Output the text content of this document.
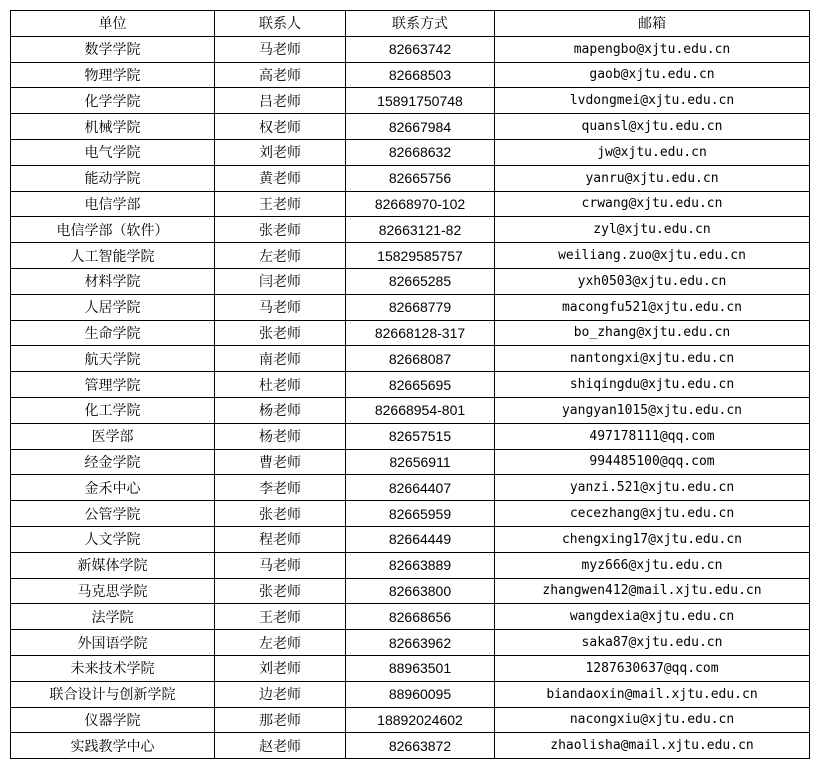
单位	联系人	联系方式	邮箱
数学学院	马老师	82663742	mapengbo@xjtu.edu.cn
物理学院	高老师	82668503	gaob@xjtu.edu.cn
化学学院	吕老师	15891750748	lvdongmei@xjtu.edu.cn
机械学院	权老师	82667984	quansl@xjtu.edu.cn
电气学院	刘老师	82668632	jw@xjtu.edu.cn
能动学院	黄老师	82665756	yanru@xjtu.edu.cn
电信学部	王老师	82668970-102	crwang@xjtu.edu.cn
电信学部（软件）	张老师	82663121-82	zyl@xjtu.edu.cn
人工智能学院	左老师	15829585757	weiliang.zuo@xjtu.edu.cn
材料学院	闫老师	82665285	yxh0503@xjtu.edu.cn
人居学院	马老师	82668779	macongfu521@xjtu.edu.cn
生命学院	张老师	82668128-317	bo_zhang@xjtu.edu.cn
航天学院	南老师	82668087	nantongxi@xjtu.edu.cn
管理学院	杜老师	82665695	shiqingdu@xjtu.edu.cn
化工学院	杨老师	82668954-801	yangyan1015@xjtu.edu.cn
医学部	杨老师	82657515	497178111@qq.com
经金学院	曹老师	82656911	994485100@qq.com
金禾中心	李老师	82664407	yanzi.521@xjtu.edu.cn
公管学院	张老师	82665959	cecezhang@xjtu.edu.cn
人文学院	程老师	82664449	chengxing17@xjtu.edu.cn
新媒体学院	马老师	82663889	myz666@xjtu.edu.cn
马克思学院	张老师	82663800	zhangwen412@mail.xjtu.edu.cn
法学院	王老师	82668656	wangdexia@xjtu.edu.cn
外国语学院	左老师	82663962	saka87@xjtu.edu.cn
未来技术学院	刘老师	88963501	1287630637@qq.com
联合设计与创新学院	边老师	88960095	biandaoxin@mail.xjtu.edu.cn
仪器学院	那老师	18892024602	nacongxiu@xjtu.edu.cn
实践教学中心	赵老师	82663872	zhaolisha@mail.xjtu.edu.cn
